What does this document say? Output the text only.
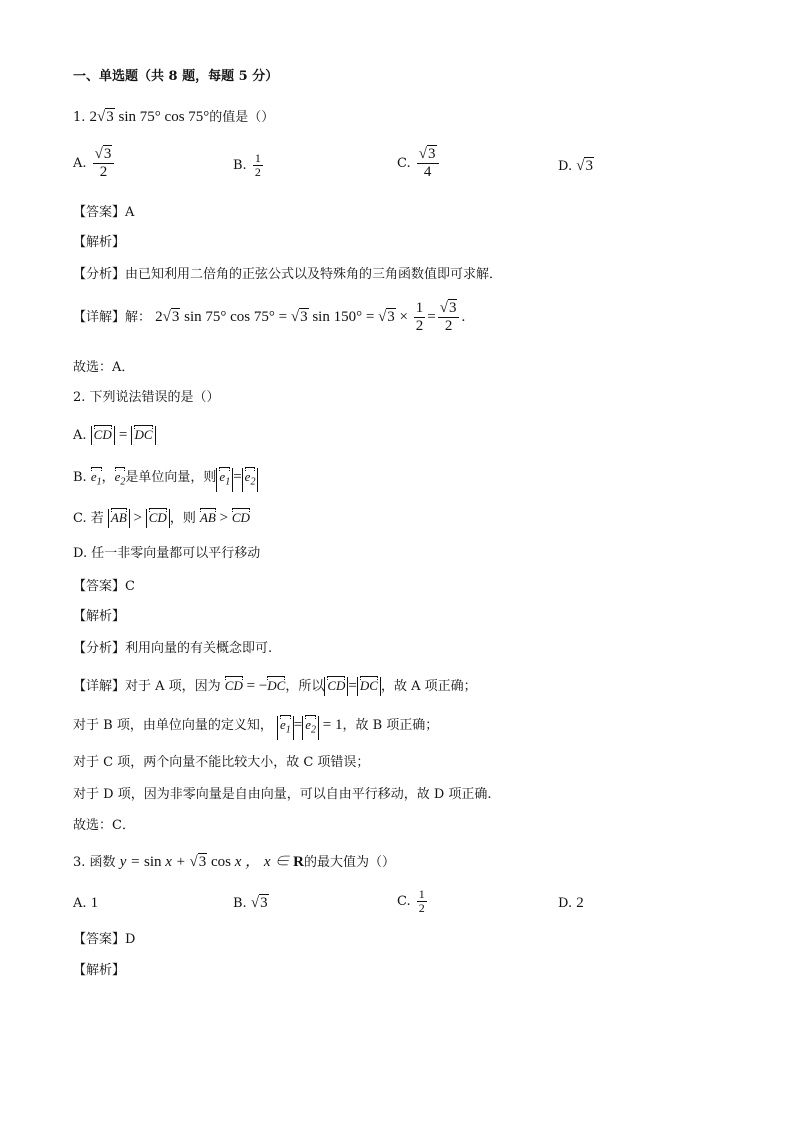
一、单选题（共 8 题，每题 5 分）
1. 2√3 sin 75° cos 75°的值是（）
A. $\frac{√3}{2}$	B. $\frac{1}{2}$	C. $\frac{√3}{4}$	D. √3
【答案】A
【解析】
【分析】由已知利用二倍角的正弦公式以及特殊角的三角函数值即可求解．
【详解】解： 2√3 sin 75° cos 75° = √3 $\sin 150^\circ = √3 \times \frac{1}{2} = \frac{√3}{2}$ .
故选：A．
2. 下列说法错误的是（）
A. CD = DC
B. $e_1$，$e_2$是单位向量，则 $e_1 = e_2$
C. 若 AB > CD ，则 AB > CD
D. 任一非零向量都可以平行移动
【答案】C
【解析】
【分析】利用向量的有关概念即可.
【详解】对于 A 项，因为 CD = −DC，所以 CD = DC ，故 A 项正确；
对于 B 项，由单位向量的定义知， $e_1 = e_2 = 1$，故 B 项正确；
对于 C 项，两个向量不能比较大小，故 C 项错误；
对于 D 项，因为非零向量是自由向量，可以自由平行移动，故 D 项正确.
故选：C．
3. 函数 y = sin x + √3 cos x ， x ∈ R的最大值为（）
A. 1	B. √3	C. $\frac{1}{2}$	D. 2
【答案】D
【解析】
